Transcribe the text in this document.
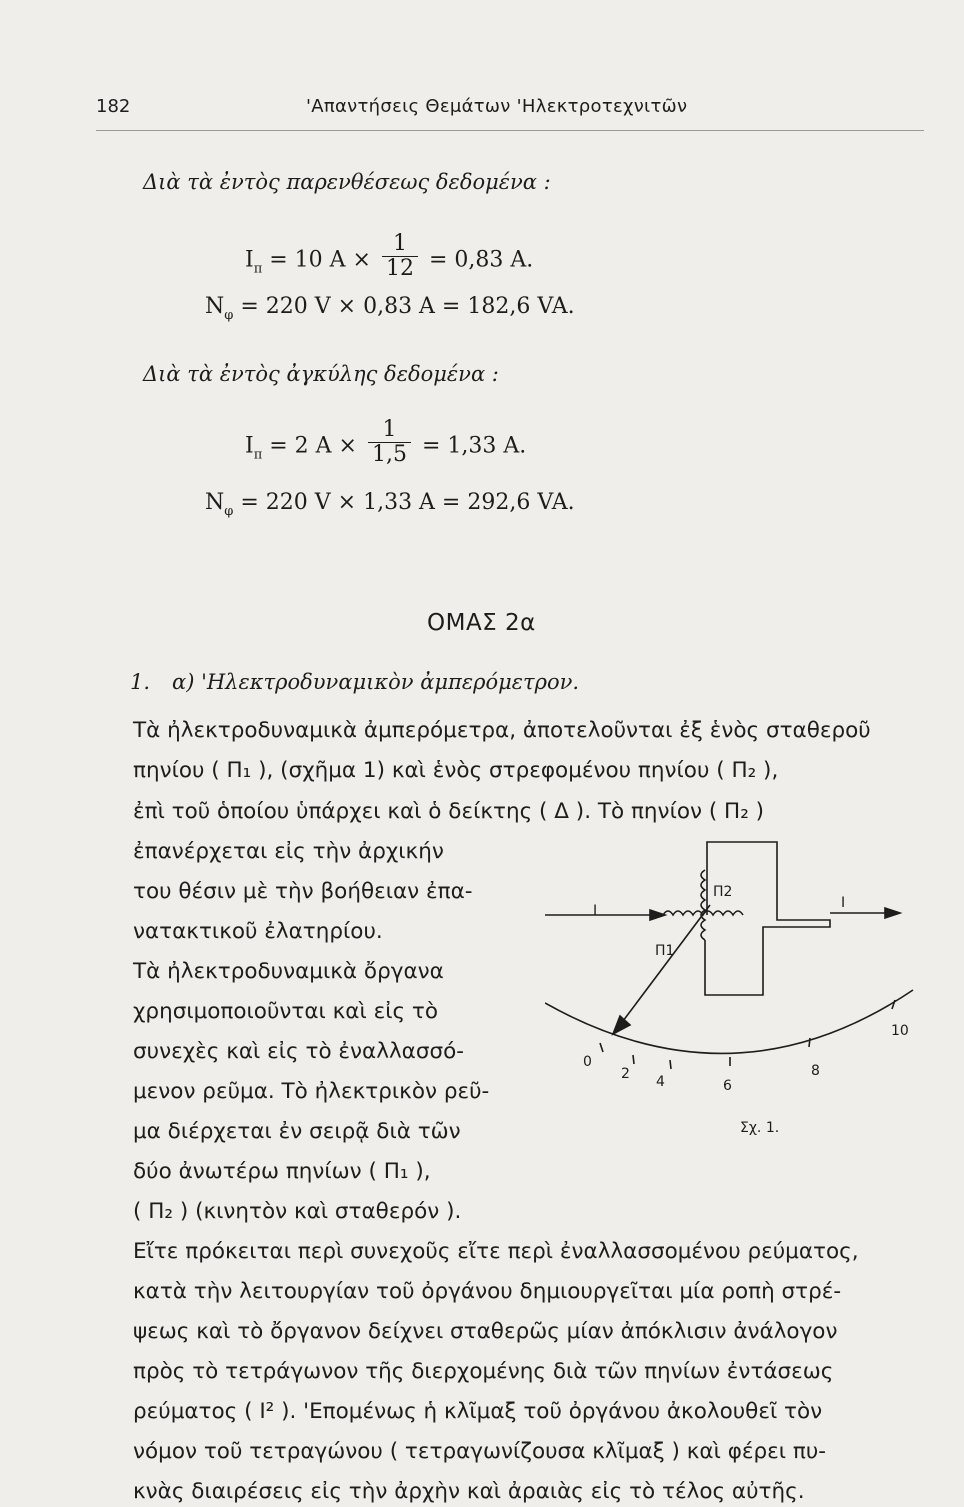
182	'Απαντήσεις Θεμάτων 'Ηλεκτροτεχνιτῶν
Διὰ τὰ ἐντὸς παρενθέσεως δεδομένα :
$I_\pi = 10$ $A \times \frac{1}{12} = 0,83$ A.
$N_\varphi = 220$ V × 0,83 A = 182,6 VA.
Διὰ τὰ ἐντὸς ἀγκύλης δεδομένα :
$I_\pi = 2$ $A \times \frac{1}{1,5} = 1,33$ A.
$N_\varphi = 220$ V × 1,33 A = 292,6 VA.
ΟΜΑΣ 2α
1. α) 'Ηλεκτροδυναμικὸν ἀμπερόμετρον.
Τὰ ἠλεκτροδυναμικὰ ἀμπερόμετρα, ἀποτελοῦνται ἐξ ἑνὸς σταθεροῦ
πηνίου ( Π₁ ), (σχῆμα 1) καὶ ἑνὸς στρεφομένου πηνίου ( Π₂ ),
ἐπὶ τοῦ ὁποίου ὑπάρχει καὶ ὁ δείκτης ( Δ ). Τὸ πηνίον ( Π₂ )
ἐπανέρχεται εἰς τὴν ἀρχικήν
του θέσιν μὲ τὴν βοήθειαν ἐπα-
νατακτικοῦ ἐλατηρίου.
Τὰ ἠλεκτροδυναμικὰ ὄργανα
χρησιμοποιοῦνται καὶ εἰς τὸ
συνεχὲς καὶ εἰς τὸ ἐναλλασσό-
μενον ρεῦμα. Τὸ ἠλεκτρικὸν ρεῦ-
μα διέρχεται ἐν σειρᾷ διὰ τῶν
δύο ἀνωτέρω πηνίων ( Π₁ ),
( Π₂ ) (κινητὸν καὶ σταθερόν ).
Εἴτε πρόκειται περὶ συνεχοῦς εἴτε περὶ ἐναλλασσομένου ρεύματος,
κατὰ τὴν λειτουργίαν τοῦ ὀργάνου δημιουργεῖται μία ροπὴ στρέ-
ψεως καὶ τὸ ὄργανον δείχνει σταθερῶς μίαν ἀπόκλισιν ἀνάλογον
πρὸς τὸ τετράγωνον τῆς διερχομένης διὰ τῶν πηνίων ἐντάσεως
ρεύματος ( I² ). 'Επομένως ἡ κλῖμαξ τοῦ ὀργάνου ἀκολουθεῖ τὸν
νόμον τοῦ τετραγώνου ( τετραγωνίζουσα κλῖμαξ ) καὶ φέρει πυ-
κνὰς διαιρέσεις εἰς τὴν ἀρχὴν καὶ ἀραιὰς εἰς τὸ τέλος αὐτῆς.
I	I
Π2
Π1
0
2 4	6
8
10
Σχ. 1.
